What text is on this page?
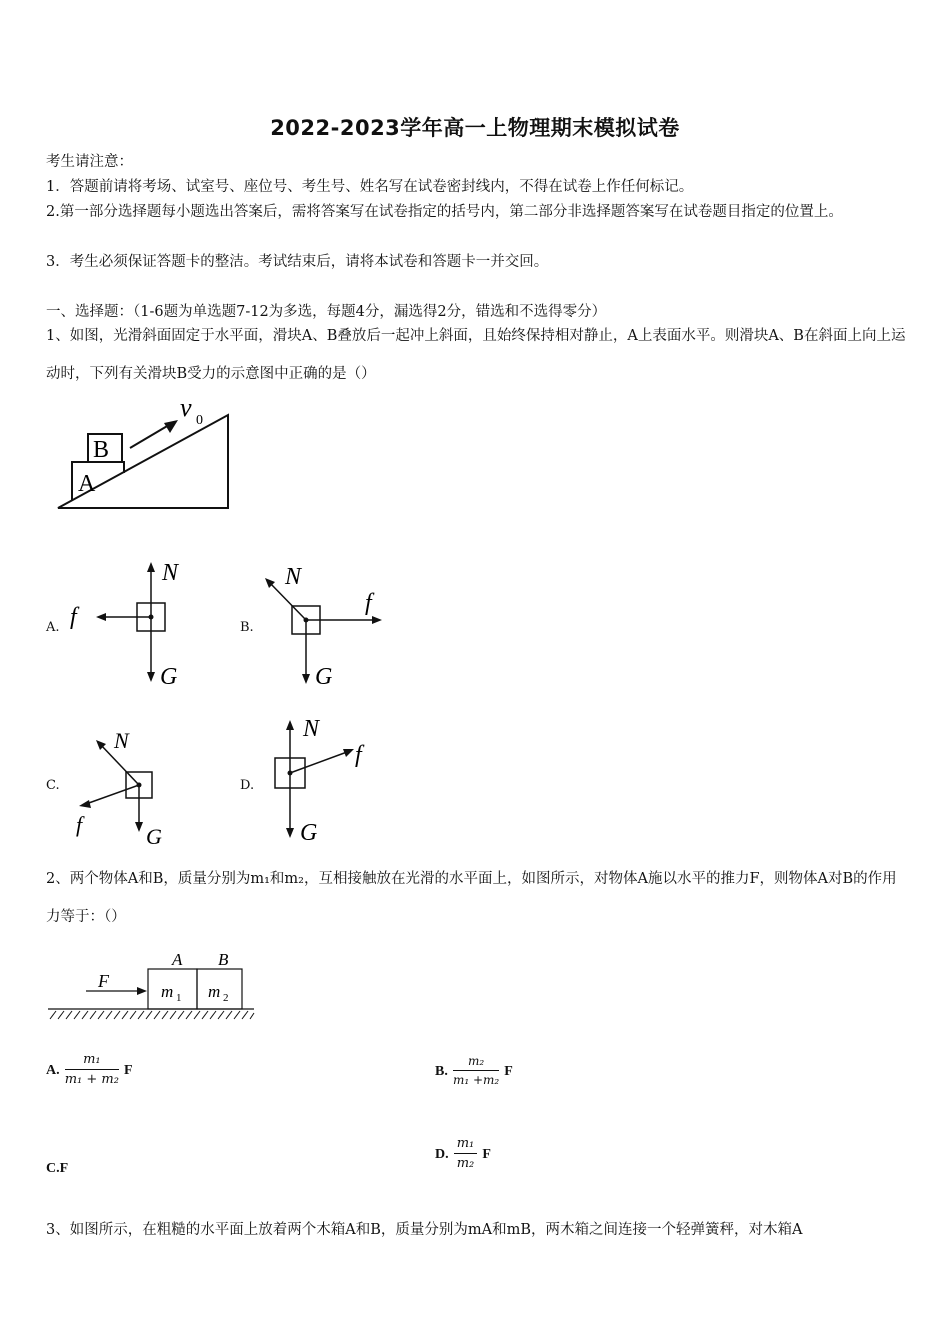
2022-2023学年高一上物理期末模拟试卷
考生请注意：
1．答题前请将考场、试室号、座位号、考生号、姓名写在试卷密封线内，不得在试卷上作任何标记。
2.第一部分选择题每小题选出答案后，需将答案写在试卷指定的括号内，第二部分非选择题答案写在试卷题目指定的位置上。
3．考生必须保证答题卡的整洁。考试结束后，请将本试卷和答题卡一并交回。
一、选择题：（1-6题为单选题7-12为多选，每题4分，漏选得2分，错选和不选得零分）
1、如图，光滑斜面固定于水平面，滑块A、B叠放后一起冲上斜面，且始终保持相对静止，A上表面水平。则滑块A、B在斜面上向上运动时，下列有关滑块B受力的示意图中正确的是（）
A
B
v 0
A.
N
f
G
B.
N
f
G
C.
N
f	G
D.
N
f
G
2、两个物体A和B，质量分别为m₁和m₂，互相接触放在光滑的水平面上，如图所示，对物体A施以水平的推力F，则物体A对B的作用力等于：（）
F
A B
m 1 m 2
A. $\frac{\text{m₁}}{\text{m₁ + m₂}}$ F	B. $\frac{\text{m₂}}{\text{m₁ +m₂}}$ F
C.F
D. $\frac{\text{m₁}}{\text{m₂}}$ F
3、如图所示，在粗糙的水平面上放着两个木箱A和B，质量分别为mA和mB，两木箱之间连接一个轻弹簧秤，对木箱A
